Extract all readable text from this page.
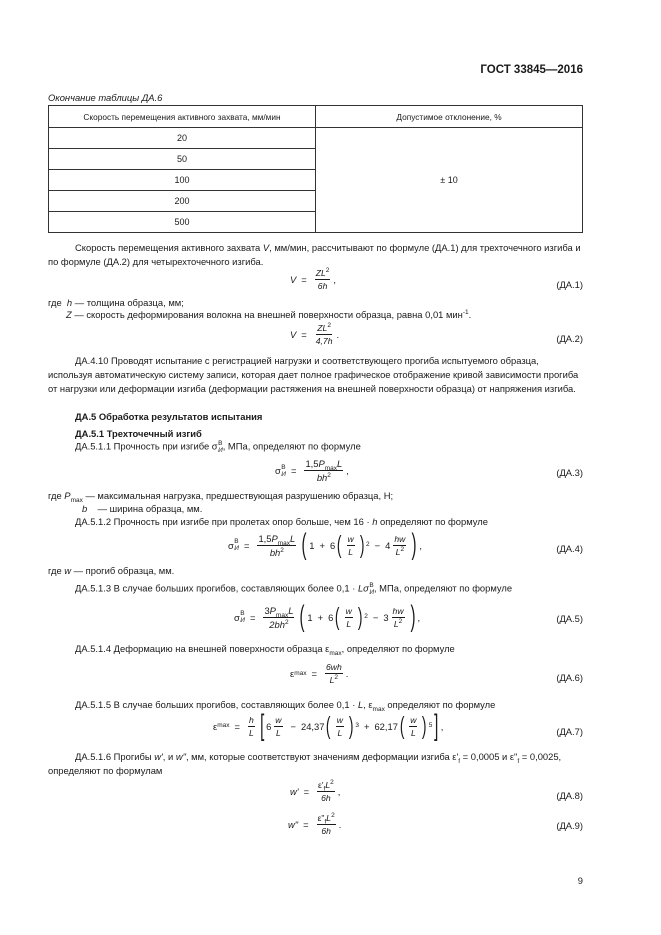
ГОСТ 33845—2016
Окончание таблицы ДА.6
Скорость перемещения активного захвата, мм/мин	Допустимое отклонение, %
20	± 10
50	
100	
200	
500	
Скорость перемещения активного захвата V, мм/мин, рассчитывают по формуле (ДА.1) для трехточечного изгиба и по формуле (ДА.2) для четырехточечного изгиба.
$V = \frac{ZL^2}{6h}$ ,	(ДА.1)
где h — толщина образца, мм;
Z — скорость деформирования волокна на внешней поверхности образца, равна 0,01 мин$^{-1}$.
$V = \frac{ZL^2}{4,7h}$ .	(ДА.2)
ДА.4.10 Проводят испытание с регистрацией нагрузки и соответствующего прогиба испытуемого образца, используя автоматическую систему записи, которая дает полное графическое отображение кривой зависимости прогиба от нагрузки или деформации изгиба (деформации растяжения на внешней поверхности образца) от напряжения изгиба.
ДА.5 Обработка результатов испытания
ДА.5.1 Трехточечный изгиб
ДА.5.1.1 Прочность при изгибе σ В
И , МПа, определяют по формуле
σ В
$И = \frac{1,5P_{max}L}{bh^2}$ ,	(ДА.3)
где $P_{max}$ — максимальная нагрузка, предшествующая разрушению образца, Н;
b    — ширина образца, мм.
ДА.5.1.2 Прочность при изгибе при пролетах опор больше, чем 16 · h определяют по формуле
σ В
$И = \frac{1,5P_{max}L}{bh^2}$ ( 1 + 6 ( $\frac{w}{L}$ ) $2 - 4 \frac{hw}{L^2}$ ) ,	(ДА.4)
где w — прогиб образца, мм.
ДА.5.1.3 В случае больших прогибов, составляющих более 0,1 · Lσ В
И , МПа, определяют по формуле
σ В
$И = \frac{3P_{max}L}{2bh^2}$ ( 1 + 6 ( $\frac{w}{L}$ ) $2 - 3 \frac{hw}{L^2}$ ) ,	(ДА.5)
ДА.5.1.4 Деформацию на внешней поверхности образца $\varepsilon_{max}$, определяют по формуле
ε $\max = \frac{6wh}{L^2}$ .	(ДА.6)
ДА.5.1.5 В случае больших прогибов, составляющих более 0,1 · L, $\varepsilon_{max}$ определяют по формуле
ε $\max = \frac{h}{L}$ [ $6 \frac{w}{L} - 24,37$ ( $\frac{w}{L}$ ) 3 + 62,17 ( $\frac{w}{L}$ ) 5 ] ,	(ДА.7)
ДА.5.1.6 Прогибы w', и w", мм, которые соответствуют значениям деформации изгиба $\varepsilon'_f = 0,0005$ и $\varepsilon"_f = 0,0025$, определяют по формулам
$w' = \frac{\varepsilon'_fL^2}{6h}$ ,	(ДА.8)
w" = $\frac{\varepsilon"_fL^2}{6h}$ .	(ДА.9)
9
